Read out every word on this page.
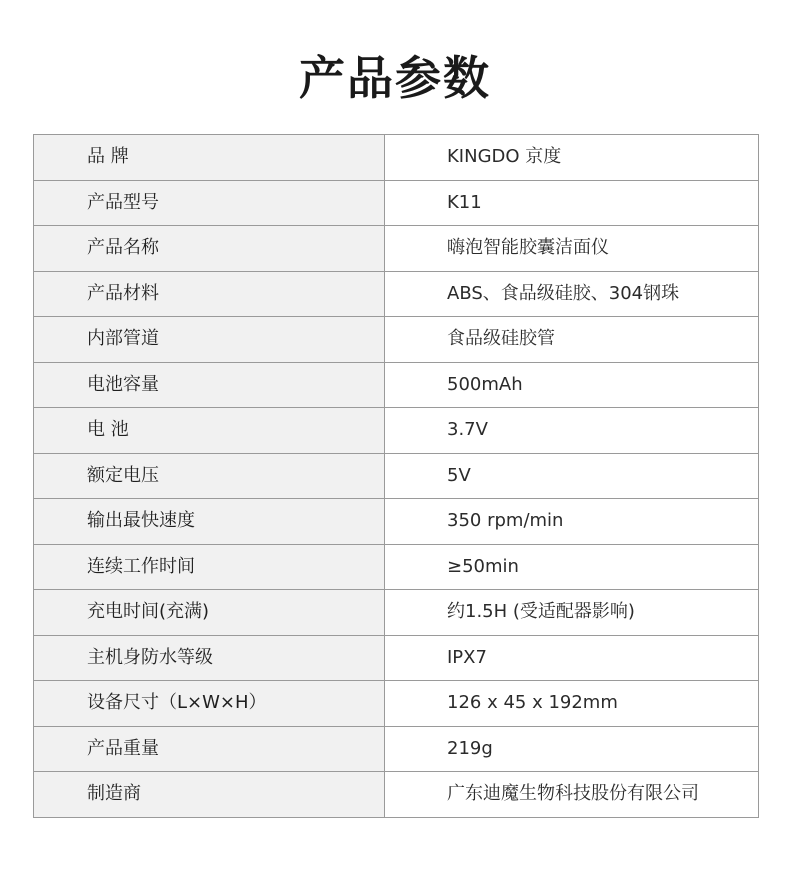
产品参数
品 牌	KINGDO 京度
产品型号	K11
产品名称	嗨泡智能胶囊洁面仪
产品材料	ABS、食品级硅胶、304钢珠
内部管道	食品级硅胶管
电池容量	500mAh
电 池	3.7V
额定电压	5V
输出最快速度	350 rpm/min
连续工作时间	≥50min
充电时间(充满)	约1.5H (受适配器影响)
主机身防水等级	IPX7
设备尺寸（L×W×H）	126 x 45 x 192mm
产品重量	219g
制造商	广东迪魔生物科技股份有限公司
